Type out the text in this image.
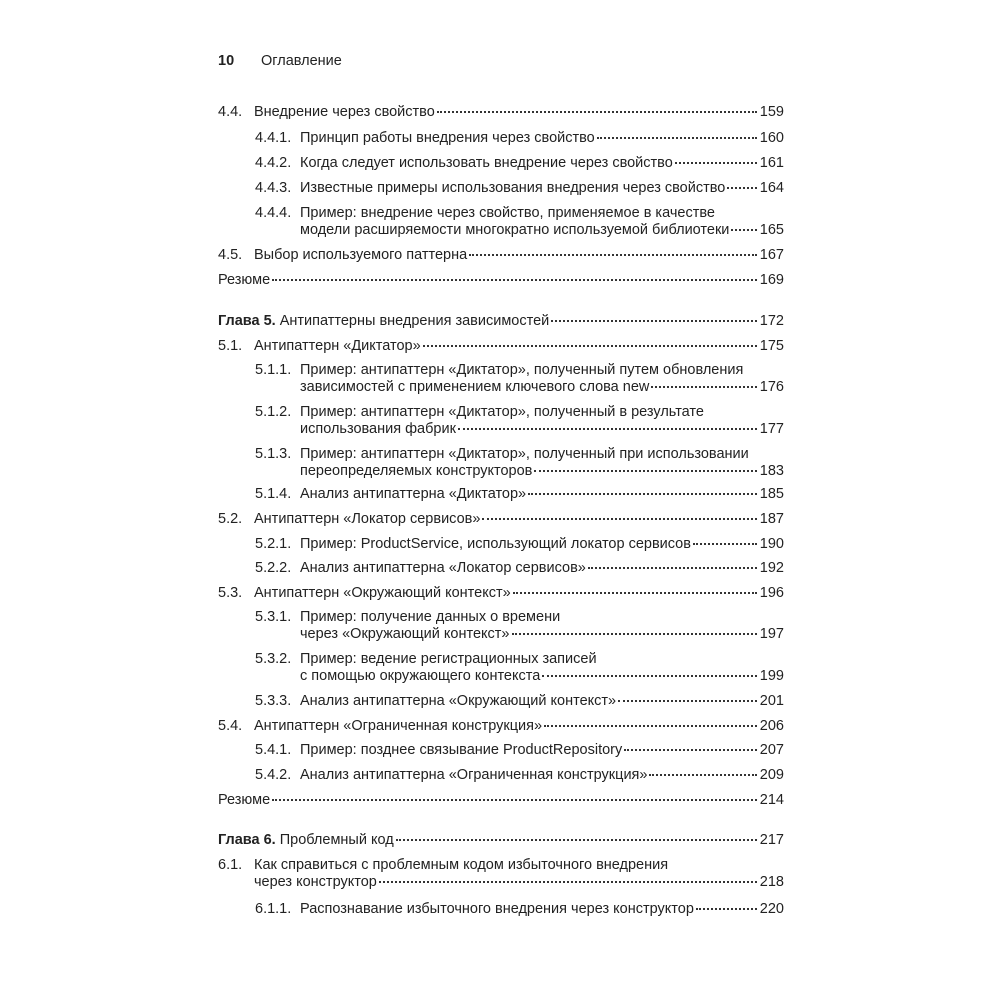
10	Оглавление
4.4. Внедрение через свойство	159
4.4.1. Принцип работы внедрения через свойство	160
4.4.2. Когда следует использовать внедрение через свойство	161
4.4.3. Известные примеры использования внедрения через свойство 164
4.4.4. Пример: внедрение через свойство, применяемое в качестве
модели расширяемости многократно используемой библиотеки 165
4.5. Выбор используемого паттерна	167
Резюме	169
Глава 5. Антипаттерны внедрения зависимостей	172
5.1. Антипаттерн «Диктатор»	175
5.1.1. Пример: антипаттерн «Диктатор», полученный путем обновления
зависимостей с применением ключевого слова new	176
5.1.2. Пример: антипаттерн «Диктатор», полученный в результате
использования фабрик	177
5.1.3. Пример: антипаттерн «Диктатор», полученный при использовании
переопределяемых конструкторов	183
5.1.4. Анализ антипаттерна «Диктатор»	185
5.2. Антипаттерн «Локатор сервисов»	187
5.2.1. Пример: ProductService, использующий локатор сервисов	190
5.2.2. Анализ антипаттерна «Локатор сервисов»	192
5.3. Антипаттерн «Окружающий контекст»	196
5.3.1. Пример: получение данных о времени
через «Окружающий контекст»	197
5.3.2. Пример: ведение регистрационных записей
с помощью окружающего контекста	199
5.3.3. Анализ антипаттерна «Окружающий контекст»	201
5.4. Антипаттерн «Ограниченная конструкция»	206
5.4.1. Пример: позднее связывание ProductRepository	207
5.4.2. Анализ антипаттерна «Ограниченная конструкция»	209
Резюме	214
Глава 6. Проблемный код	217
6.1. Как справиться с проблемным кодом избыточного внедрения
через конструктор	218
6.1.1. Распознавание избыточного внедрения через конструктор	220
